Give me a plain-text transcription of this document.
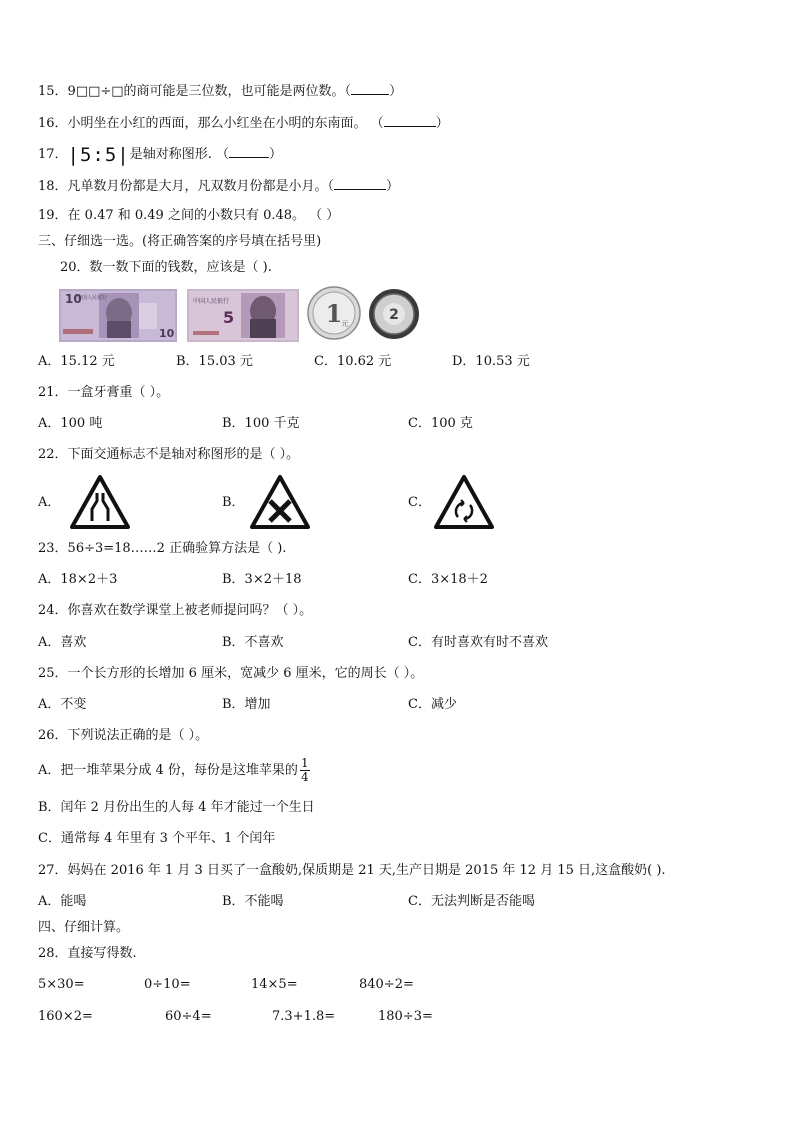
15．9□□÷□的商可能是三位数，也可能是两位数。（	）
16．小明坐在小红的西面，那么小红坐在小明的东南面。 （	）
17．|5:5|是轴对称图形. （	）
18．凡单数月份都是大月，凡双数月份都是小月。（	）
19．在 0.47 和 0.49 之间的小数只有 0.48。 （ ）
三、仔细选一选。(将正确答案的序号填在括号里)
20．数一数下面的钱数，应该是（ ).
10
中国人民银行
10
中国人民银行
5	1 元
2
A．15.12 元	B．15.03 元	C．10.62 元	D．10.53 元
21．一盒牙膏重（ ）。
A．100 吨	B．100 千克	C．100 克
22．下面交通标志不是轴对称图形的是（ ）。
A．	B．	C．
23．56÷3=18……2 正确验算方法是（ ).
A．18×2＋3	B．3×2＋18	C．3×18＋2
24．你喜欢在数学课堂上被老师提问吗？（ ）。
A．喜欢	B．不喜欢	C．有时喜欢有时不喜欢
25．一个长方形的长增加 6 厘米，宽减少 6 厘米，它的周长（ ）。
A．不变	B．增加	C．减少
26．下列说法正确的是（ ）。
A．把一堆苹果分成 4 份，每份是这堆苹果的 $\frac{1}{4}$
B．闰年 2 月份出生的人每 4 年才能过一个生日
C．通常每 4 年里有 3 个平年、1 个闰年
27．妈妈在 2016 年 1 月 3 日买了一盒酸奶,保质期是 21 天,生产日期是 2015 年 12 月 15 日,这盒酸奶( ).
A．能喝	B．不能喝	C．无法判断是否能喝
四、仔细计算。
28．直接写得数.
5×30=	0÷10=	14×5=	840÷2=
160×2=	60÷4=	7.3+1.8=	180÷3=
